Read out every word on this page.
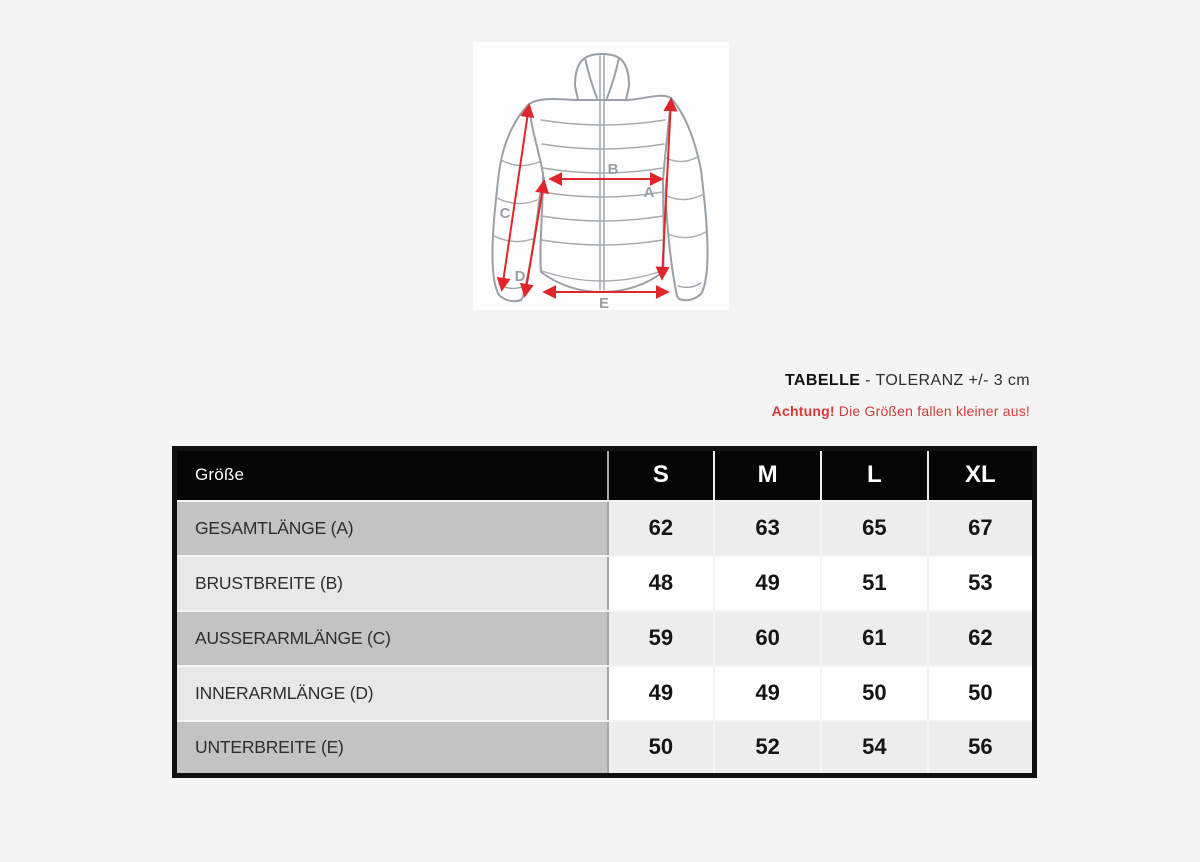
B
A
C
D
E
TABELLE - TOLERANZ +/- 3 cm
Achtung! Die Größen fallen kleiner aus!
Größe	S	M	L	XL
GESAMTLÄNGE (A)	62	63	65	67
BRUSTBREITE (B)	48	49	51	53
AUSSERARMLÄNGE (C)	59	60	61	62
INNERARMLÄNGE (D)	49	49	50	50
UNTERBREITE (E)	50	52	54	56
